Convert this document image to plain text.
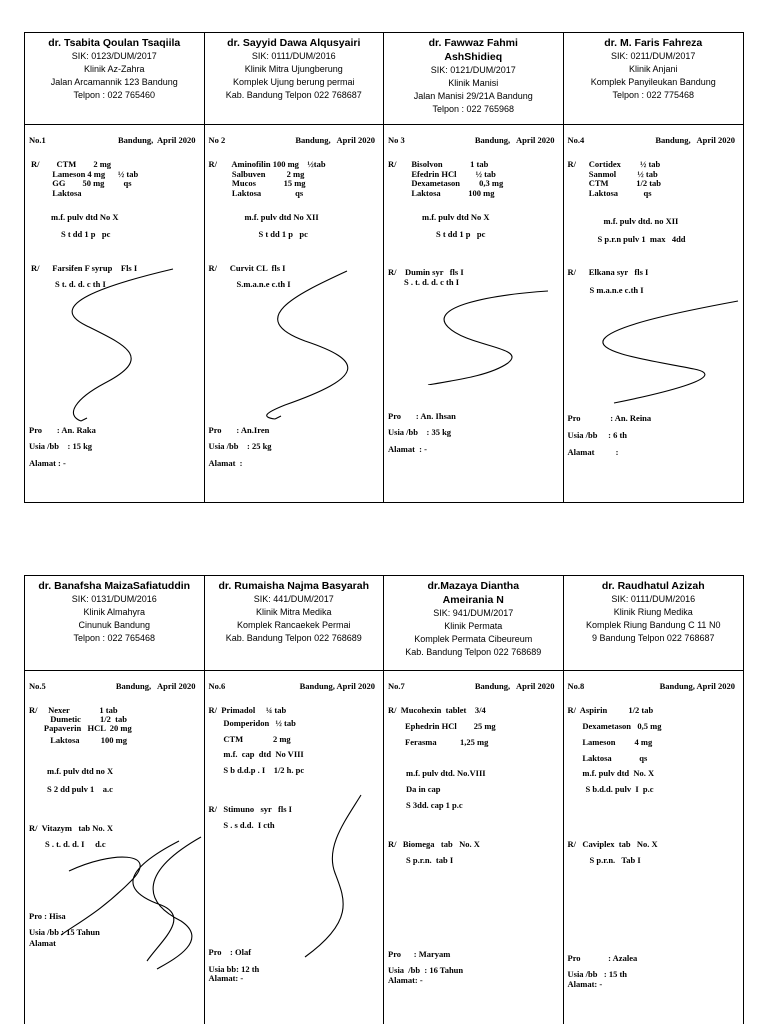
dr. Tsabita Qoulan Tsaqiila
SIK: 0123/DUM/2017
Klinik Az-Zahra
Jalan Arcamannik 123 Bandung
Telpon : 022 765460
No.1	Bandung,  April 2020
R/        CTM        2 mg
Lameson 4 mg      ½ tab
GG        50 mg         qs
Laktosa
m.f. pulv dtd No X
S t dd 1 p   pc
R/      Farsifen F syrup    Fls I
S t. d. d. c th I
Pro       : An. Raka
Usia /bb    : 15 kg
Alamat : -
dr. Sayyid Dawa Alqusyairi
SIK: 0111/DUM/2016
Klinik Mitra Ujungberung
Komplek Ujung berung permai
Kab. Bandung Telpon 022 768687
No 2	Bandung,   April 2020
R/       Aminofilin 100 mg    ½tab
Salbuven          2 mg
Mucos             15 mg
Laktosa                qs
m.f. pulv dtd No XII
S t dd 1 p   pc
R/      Curvit CL  fls I
S.m.a.n.e c.th I
Pro       : An.Iren
Usia /bb    : 25 kg
Alamat  :
dr. Fawwaz Fahmi
AshShidieq
SIK: 0121/DUM/2017
Klinik Manisi
Jalan Manisi 29/21A Bandung
Telpon : 022 765968
No 3	Bandung,   April 2020
R/       Bisolvon             1 tab
Efedrin HCl         ½ tab
Dexametason         0,3 mg
Laktosa             100 mg
m.f. pulv dtd No X
S t dd 1 p   pc
R/    Dumin syr   fls I
S . t. d. d. c th I
Pro       : An. Ihsan
Usia /bb    : 35 kg
Alamat  : -
dr. M. Faris Fahreza
SIK: 0211/DUM/2017
Klinik Anjani
Komplek Panyileukan Bandung
Telpon : 022 775468
No.4	Bandung,   April 2020
R/      Cortidex         ½ tab
Sanmol          ½ tab
CTM             1/2 tab
Laktosa            qs
m.f. pulv dtd. no XII
S p.r.n pulv 1  max   4dd
R/      Elkana syr   fls I
S m.a.n.e c.th I
Pro              : An. Reina
Usia /bb     : 6 th
Alamat          :
dr. Banafsha MaizaSafiatuddin
SIK: 0131/DUM/2016
Klinik Almahyra
Cinunuk Bandung
Telpon : 022 765468
No.5	Bandung,   April 2020
R/     Nexer              1 tab
Dumetic         1/2  tab
Papaverin   HCL  20 mg
Laktosa          100 mg
m.f. pulv dtd no X
S 2 dd pulv 1    a.c
R/  Vitazym   tab No. X
S . t. d. d. I     d.c
Pro : Hisa
Usia /bb : 15 Tahun
Alamat
dr. Rumaisha Najma Basyarah
SIK: 441/DUM/2017
Klinik Mitra Medika
Komplek Rancaekek Permai
Kab. Bandung Telpon 022 768689
No.6	Bandung, April 2020
R/  Primadol     ¼ tab
Domperidon   ½ tab
CTM              2 mg
m.f.  cap  dtd  No VIII
S b d.d.p . I    1/2 h. pc
R/   Stimuno   syr   fls I
S . s d.d.  I cth
Pro    : Olaf
Usia bb: 12 th
Alamat: -
dr.Mazaya Diantha
Ameirania N
SIK: 941/DUM/2017
Klinik Permata
Komplek Permata Cibeureum
Kab. Bandung Telpon 022 768689
No.7	Bandung,   April 2020
R/  Mucohexin  tablet    3/4
Ephedrin HCl        25 mg
Ferasma           1,25 mg
m.f. pulv dtd. No.VIII
Da in cap
S 3dd. cap 1 p.c
R/   Biomega   tab   No. X
S p.r.n.  tab I
Pro      : Maryam
Usia  /bb  : 16 Tahun
Alamat: -
dr. Raudhatul Azizah
SIK: 0111/DUM/2016
Klinik Riung Medika
Komplek Riung Bandung C 11 N0
9 Bandung Telpon 022 768687
No.8	Bandung, April 2020
R/  Aspirin          1/2 tab
Dexametason   0,5 mg
Lameson         4 mg
Laktosa             qs
m.f. pulv dtd  No. X
S b.d.d. pulv  I  p.c
R/   Caviplex  tab   No. X
S p.r.n.   Tab I
Pro             : Azalea
Usia /bb   : 15 th
Alamat: -
